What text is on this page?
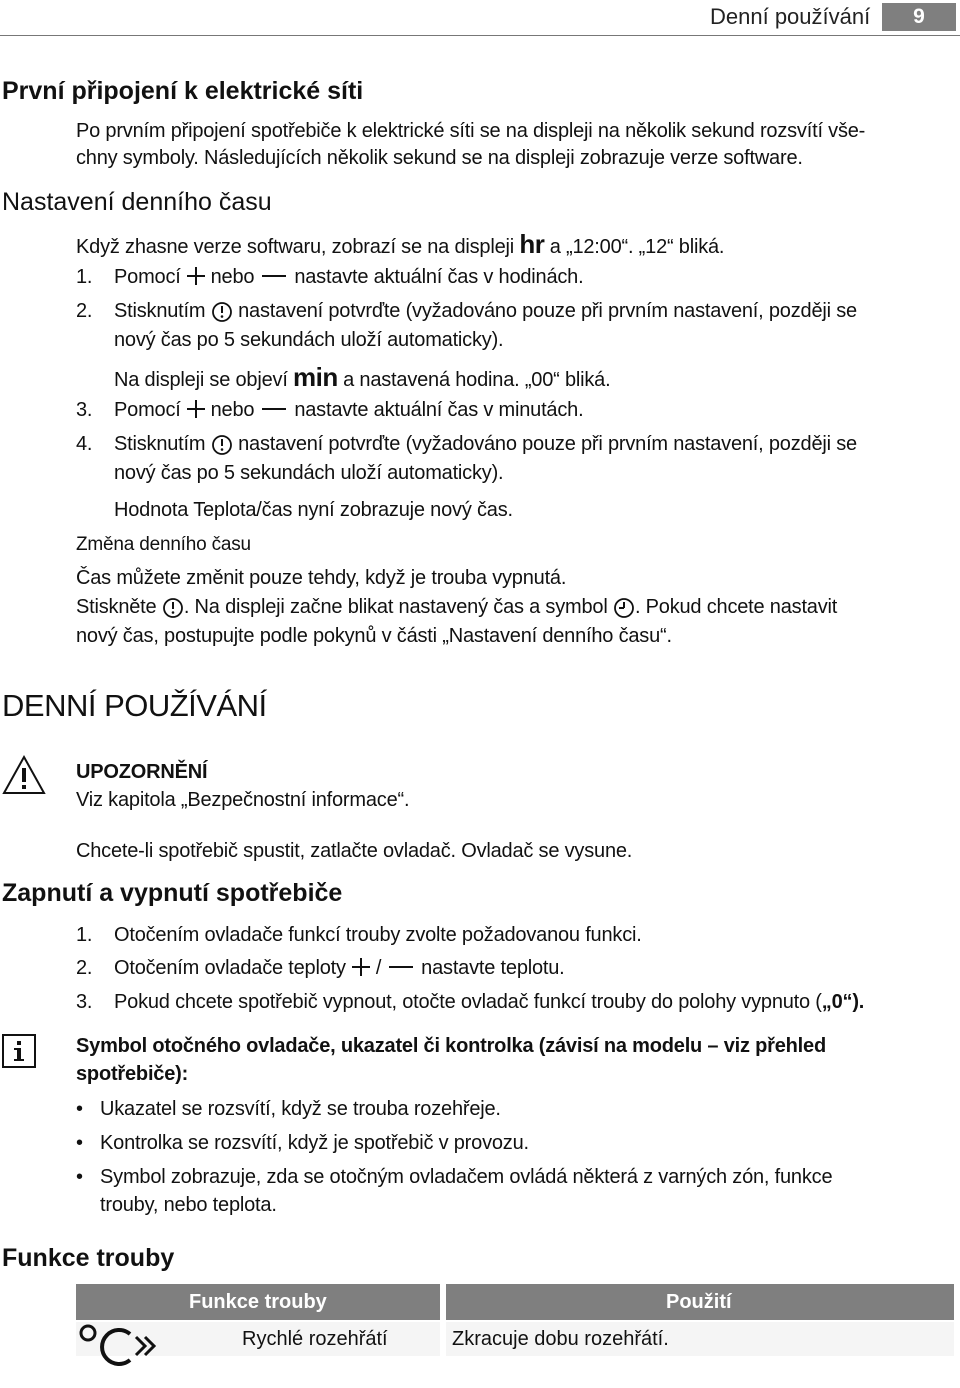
Denní používání	9
První připojení k elektrické síti
Po prvním připojení spotřebiče k elektrické síti se na displeji na několik sekund rozsvítí vše-
chny symboly. Následujících několik sekund se na displeji zobrazuje verze software.
Nastavení denního času
Když zhasne verze softwaru, zobrazí se na displeji hr a „12:00“. „12“ bliká.
1. Pomocí nebo nastavte aktuální čas v hodinách.
2. Stisknutím nastavení potvrďte (vyžadováno pouze při prvním nastavení, později se
nový čas po 5 sekundách uloží automaticky).
Na displeji se objeví min a nastavená hodina. „00“ bliká.
3. Pomocí nebo nastavte aktuální čas v minutách.
4. Stisknutím nastavení potvrďte (vyžadováno pouze při prvním nastavení, později se
nový čas po 5 sekundách uloží automaticky).
Hodnota Teplota/čas nyní zobrazuje nový čas.
Změna denního času
Čas můžete změnit pouze tehdy, když je trouba vypnutá.
Stiskněte . Na displeji začne blikat nastavený čas a symbol . Pokud chcete nastavit
nový čas, postupujte podle pokynů v části „Nastavení denního času“.
DENNÍ POUŽÍVÁNÍ
UPOZORNĚNÍ
Viz kapitola „Bezpečnostní informace“.
Chcete-li spotřebič spustit, zatlačte ovladač. Ovladač se vysune.
Zapnutí a vypnutí spotřebiče
1. Otočením ovladače funkcí trouby zvolte požadovanou funkci.
2. Otočením ovladače teploty / nastavte teplotu.
3. Pokud chcete spotřebič vypnout, otočte ovladač funkcí trouby do polohy vypnuto („0“).
Symbol otočného ovladače, ukazatel či kontrolka (závisí na modelu – viz přehled
spotřebiče):
• Ukazatel se rozsvítí, když se trouba rozehřeje.
• Kontrolka se rozsvítí, když je spotřebič v provozu.
• Symbol zobrazuje, zda se otočným ovladačem ovládá některá z varných zón, funkce
trouby, nebo teplota.
Funkce trouby
Funkce trouby	Použití
Rychlé rozehřátí	Zkracuje dobu rozehřátí.
